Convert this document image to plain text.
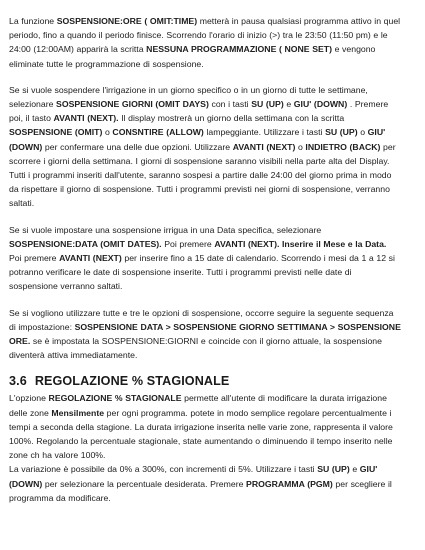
La funzione SOSPENSIONE:ORE ( OMIT:TIME) metterà in pausa qualsiasi programma attivo in quel periodo, fino a quando il periodo finisce. Scorrendo l'orario di inizio (>) tra le 23:50 (11:50 pm) e le 24:00 (12:00AM) apparirà la scritta NESSUNA PROGRAMMAZIONE ( NONE SET) e vengono eliminate tutte le programmazione di sospensione.

Se si vuole sospendere l'irrigazione in un giorno specifico o in un giorno di tutte le settimane, selezionare SOSPENSIONE GIORNI (OMIT DAYS) con i tasti SU (UP) e GIU' (DOWN) . Premere poi, il tasto AVANTI (NEXT). Il display mostrerà un giorno della settimana con la scritta SOSPENSIONE (OMIT) o CONSNTIRE (ALLOW) lampeggiante. Utilizzare i tasti SU (UP) o GIU' (DOWN) per confermare una delle due opzioni. Utilizzare AVANTI (NEXT) o INDIETRO (BACK) per scorrere i giorni della settimana. I giorni di sospensione saranno visibili nella parte alta del Display. Tutti i programmi inseriti dall'utente, saranno sospesi a partire dalle 24:00 del giorno prima in modo da rispettare il giorno di sospensione. Tutti i programmi previsti nei giorni di sospensione, verranno saltati.

Se si vuole impostare una sospensione irrigua in una Data specifica, selezionare SOSPENSIONE:DATA (OMIT DATES). Poi premere AVANTI (NEXT). Inserire il Mese e la Data. Poi premere AVANTI (NEXT) per inserire fino a 15 date di calendario. Scorrendo i mesi da 1 a 12 si potranno verificare le date di sospensione inserite. Tutti i programmi previsti nelle date di sospensione verranno saltati.

Se si vogliono utilizzare tutte e tre le opzioni di sospensione, occorre seguire la seguente sequenza di impostazione: SOSPENSIONE DATA > SOSPENSIONE GIORNO SETTIMANA > SOSPENSIONE ORE. se è impostata la SOSPENSIONE:GIORNI e coincide con il giorno attuale, la sospensione diventerà attiva immediatamente.

3.6 REGOLAZIONE % STAGIONALE

L'opzione REGOLAZIONE % STAGIONALE permette all'utente di modificare la durata irrigazione delle zone Mensilmente per ogni programma. potete in modo semplice regolare percentualmente i tempi a seconda della stagione. La durata irrigazione inserita nelle varie zone, rappresenta il valore 100%. Regolando la percentuale stagionale, state aumentando o diminuendo il tempo inserito nelle zone ch ha valore 100%.

La variazione è possibile da 0% a 300%, con incrementi di 5%. Utilizzare i tasti SU (UP) e GIU' (DOWN) per selezionare la percentuale desiderata. Premere PROGRAMMA (PGM) per scegliere il programma da modificare.
